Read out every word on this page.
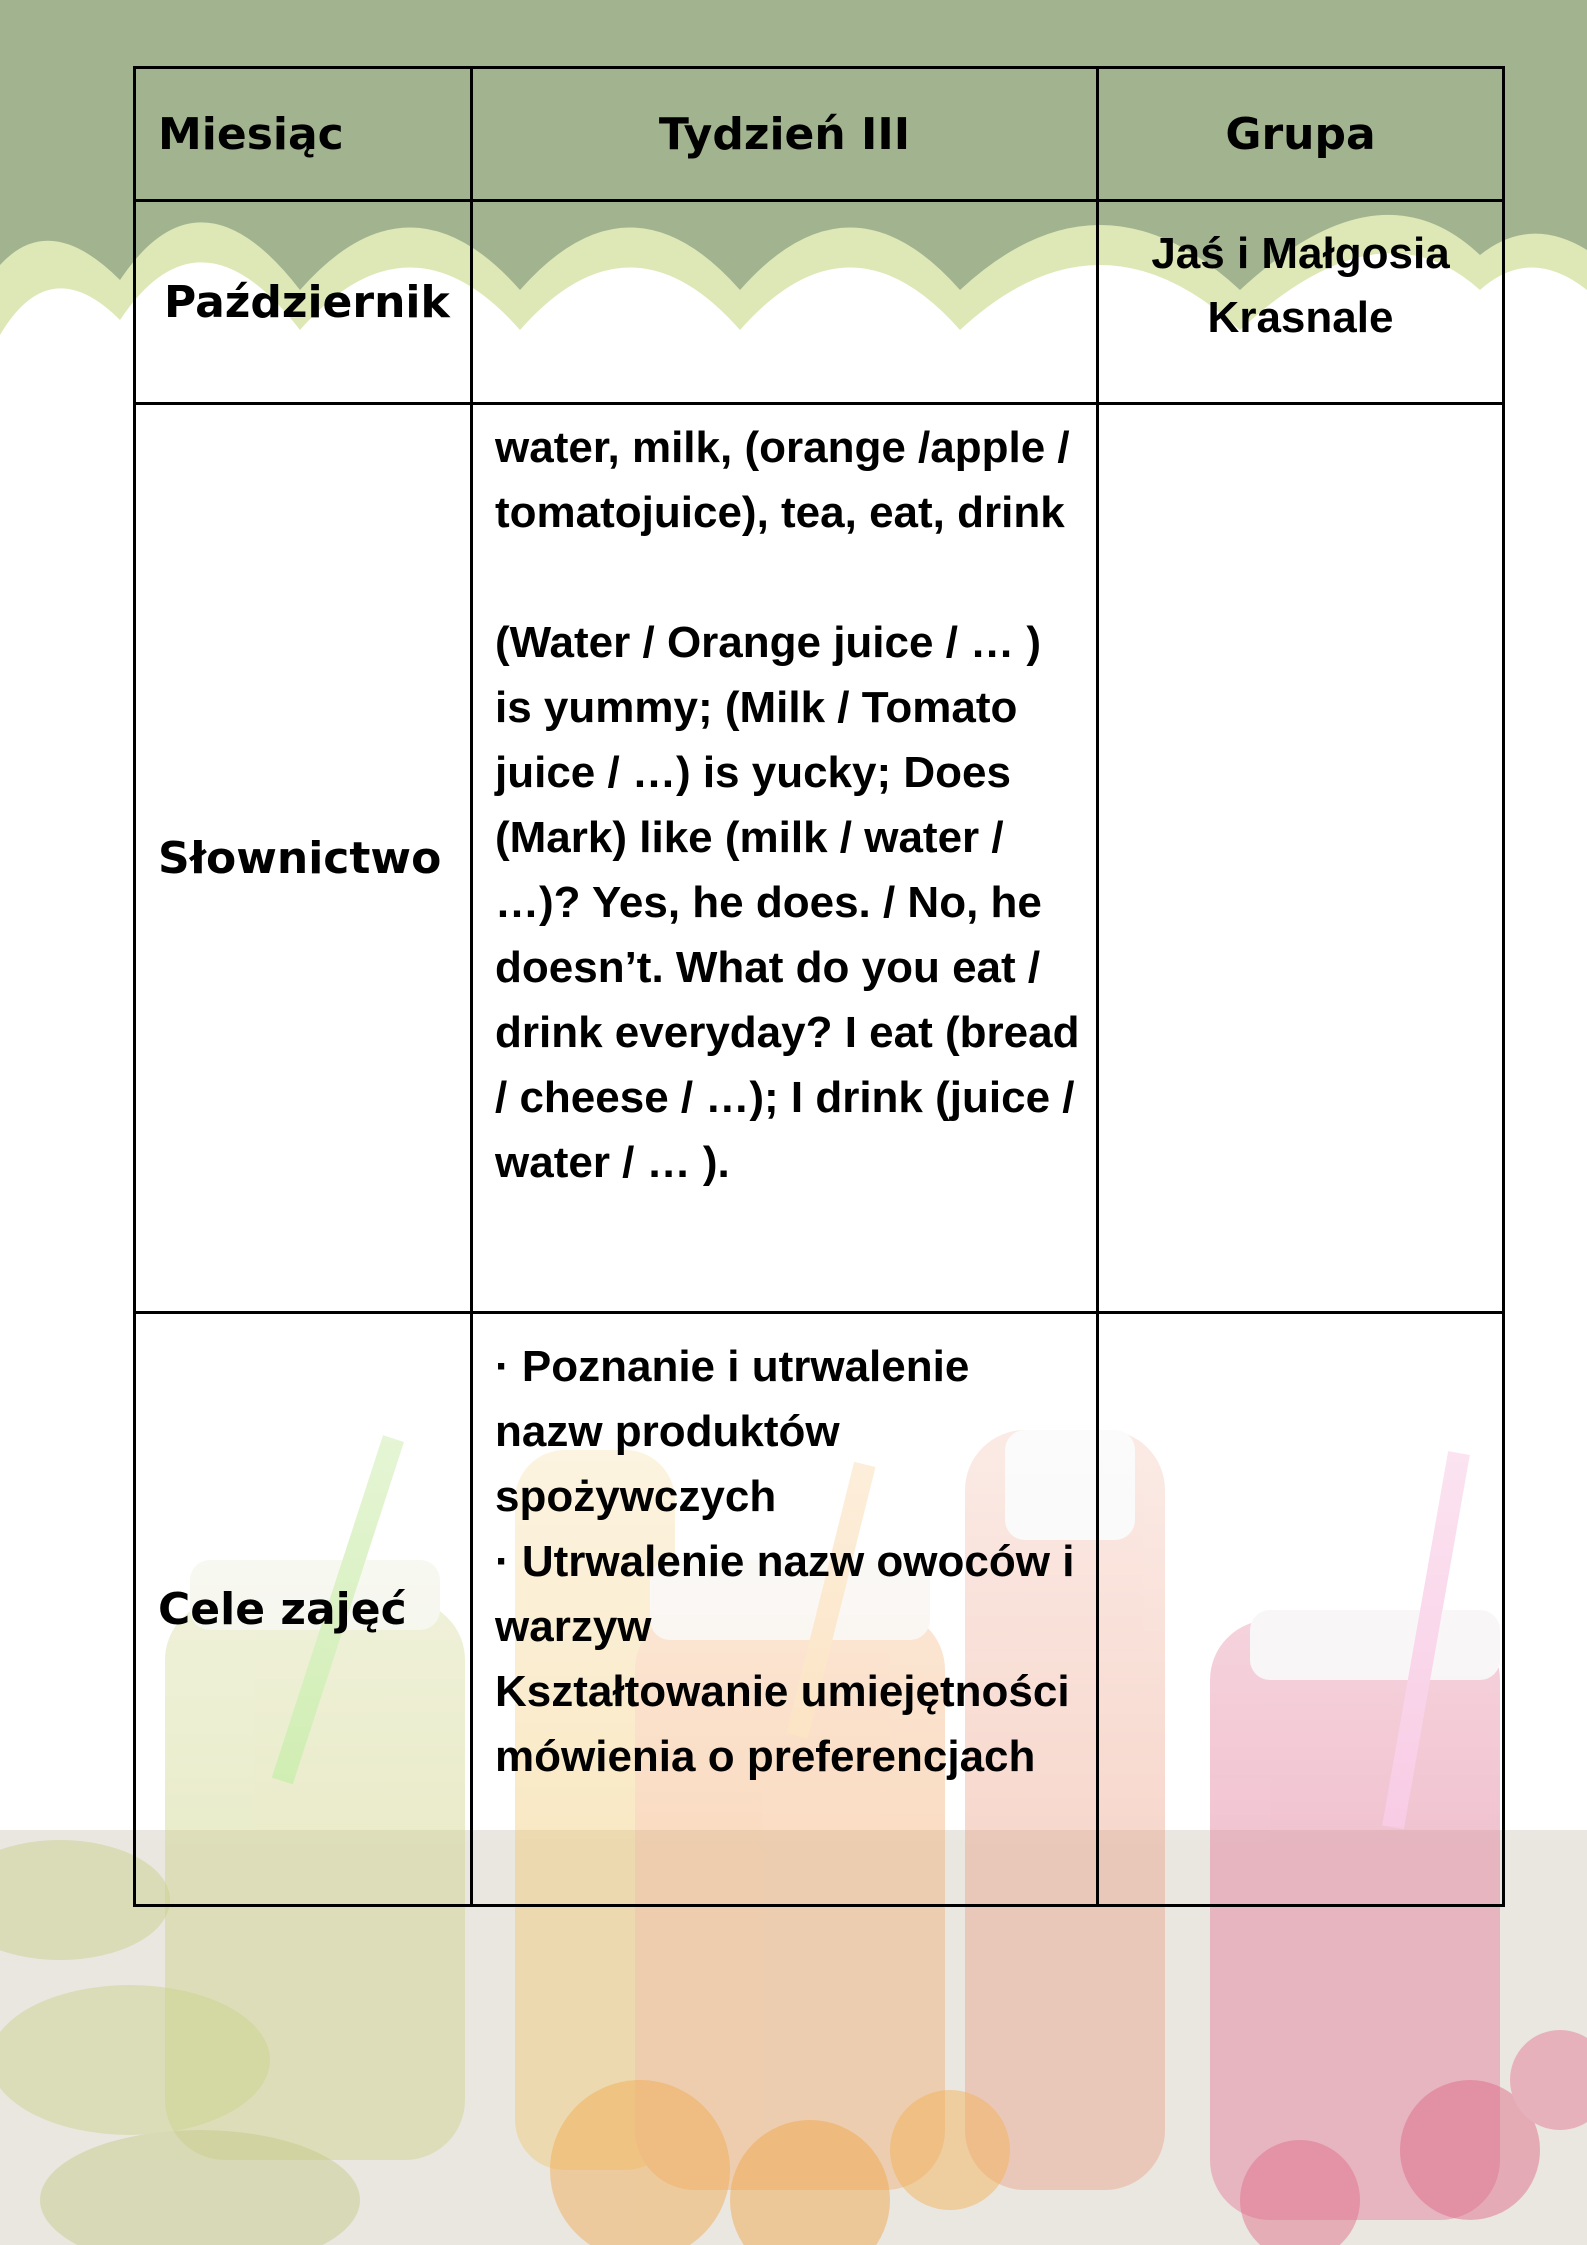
Miesiąc	Tydzień III	Grupa
Październik		Jaś i Małgosia
Krasnale

Słownictwo	water, milk, (orange /apple / tomatojuice), tea, eat, drink
(Water / Orange juice / … ) is yummy; (Milk / Tomato juice / …) is yucky; Does (Mark) like (milk / water / …)? Yes, he does. / No, he doesn’t. What do you eat / drink everyday? I eat (bread / cheese / …); I drink (juice / water / … ).	

Cele zajęć	· Poznanie i utrwalenie nazw produktów spożywczych
· Utrwalenie nazw owoców i warzyw
Kształtowanie umiejętności mówienia o preferencjach	
